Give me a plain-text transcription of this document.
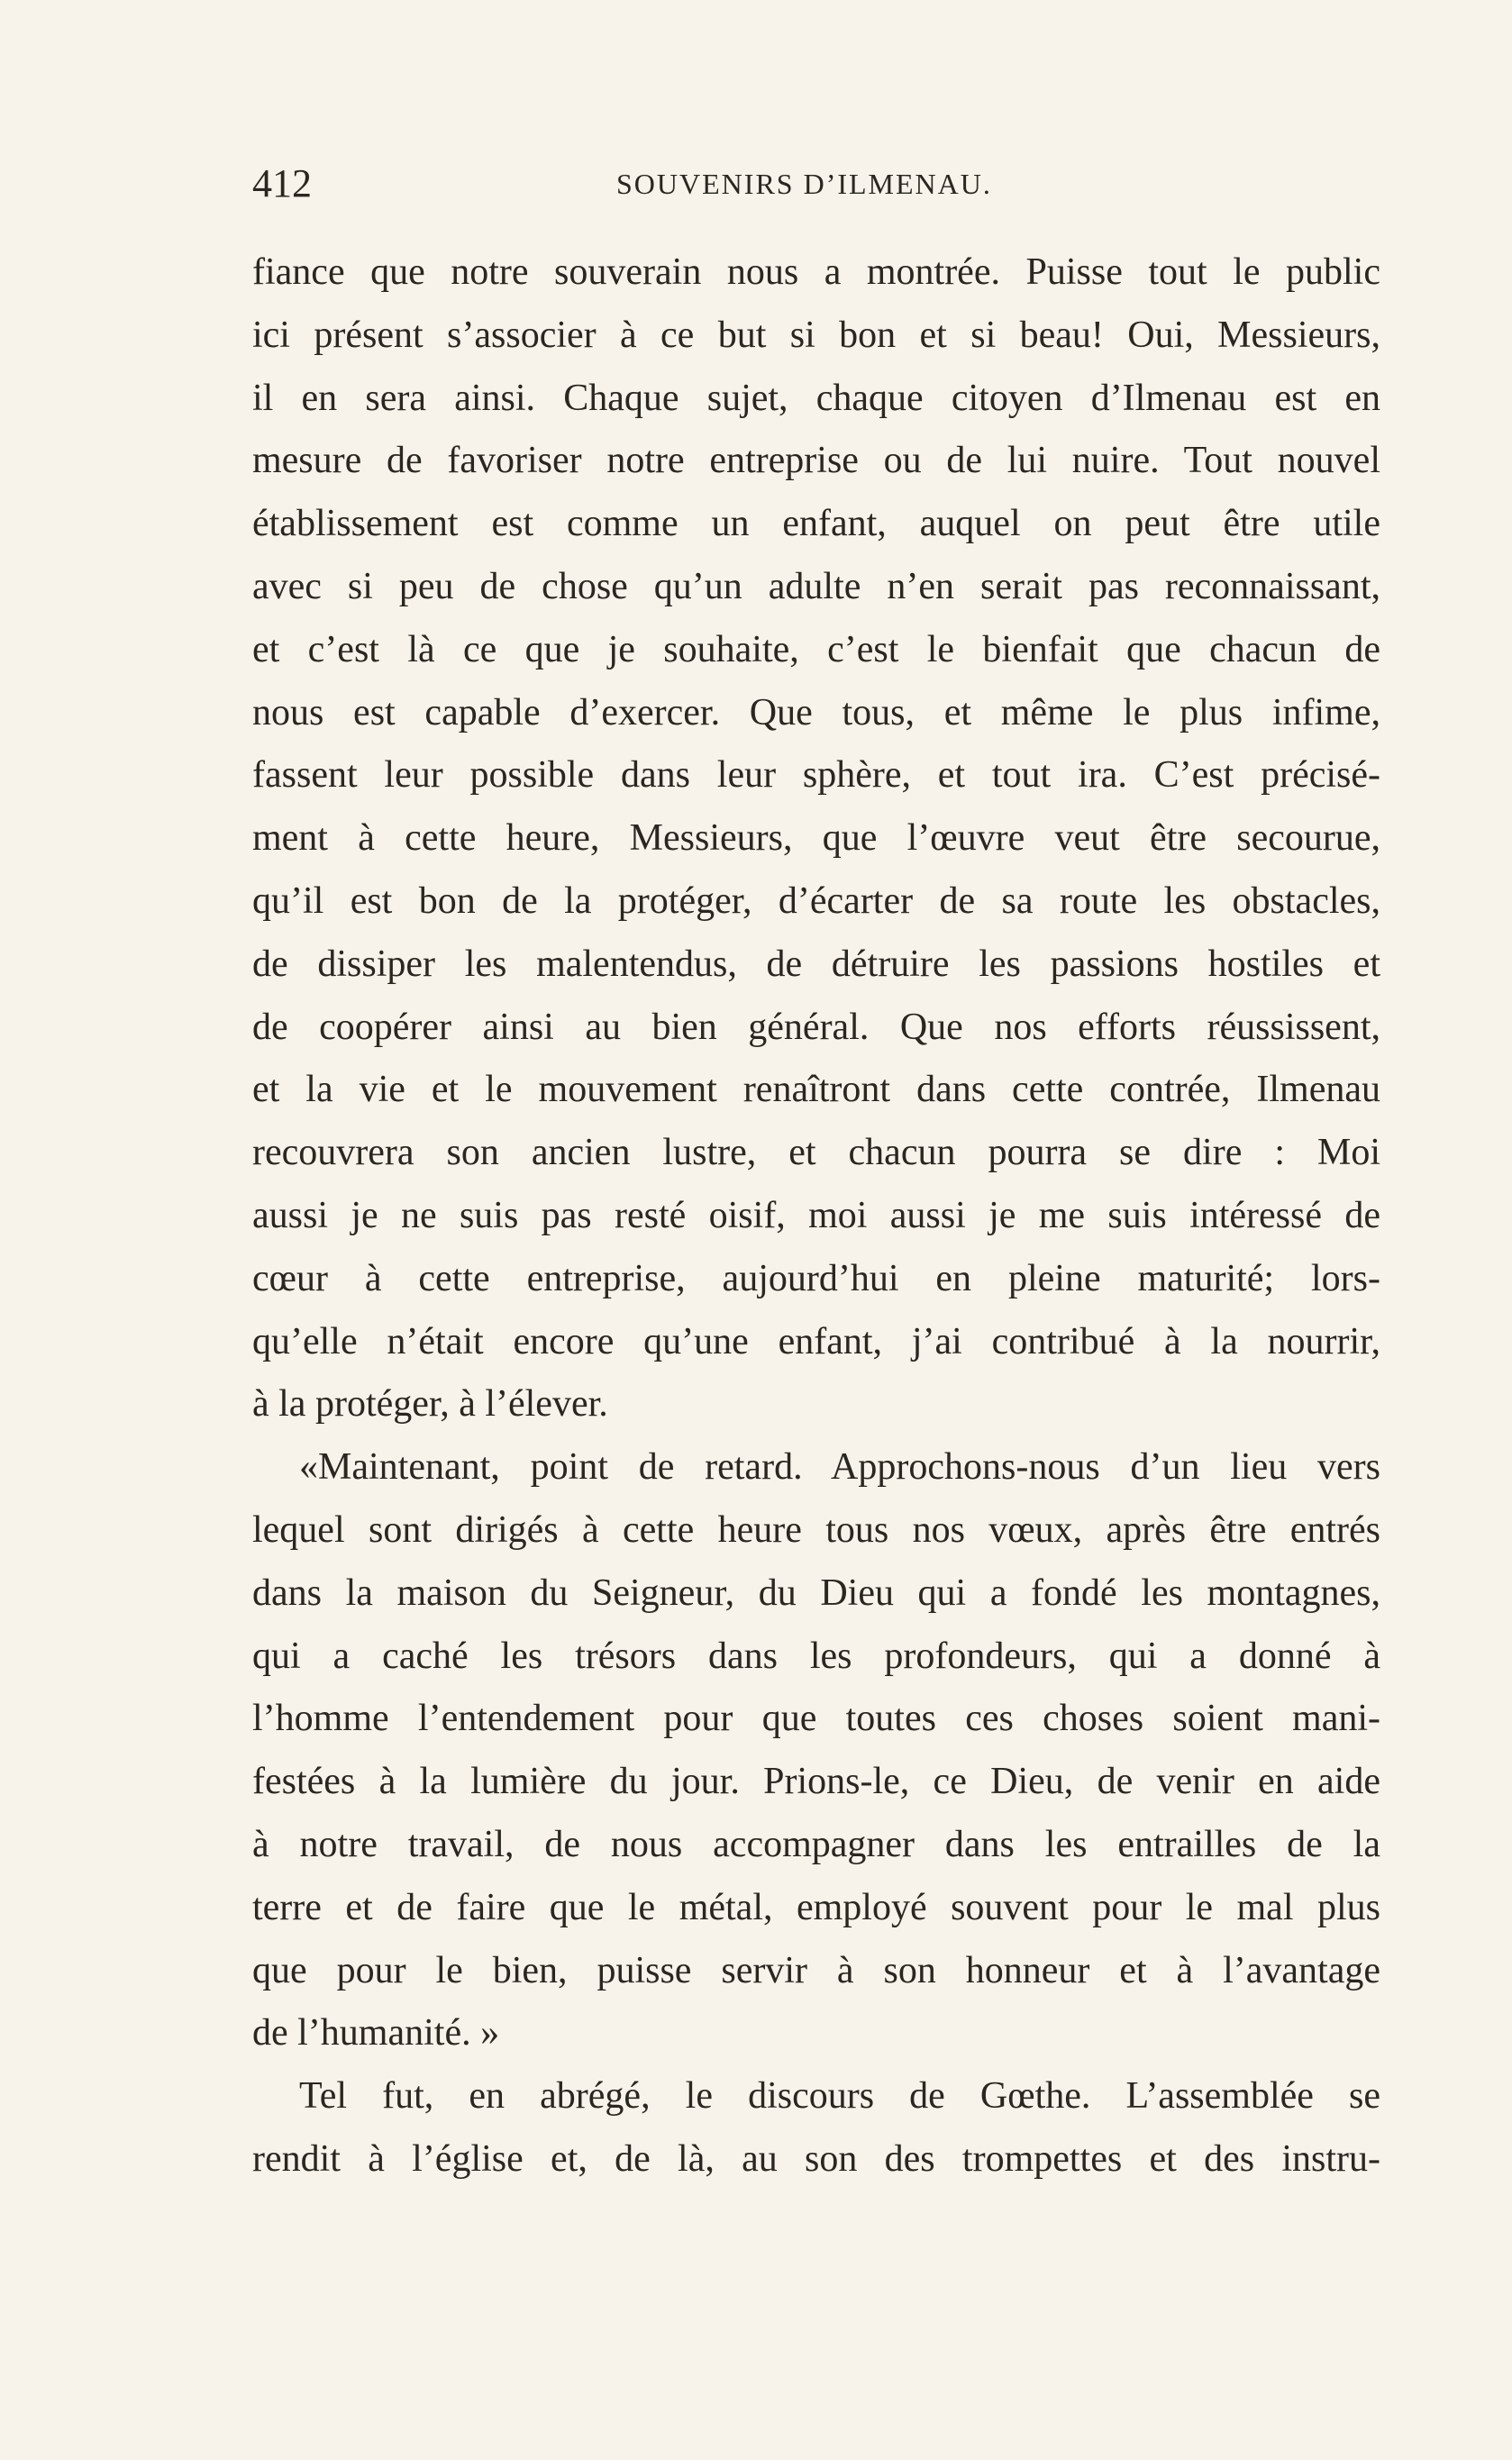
412	SOUVENIRS D’ILMENAU.
fiance que notre souverain nous a montrée. Puisse tout le public
ici présent s’associer à ce but si bon et si beau! Oui, Messieurs,
il en sera ainsi. Chaque sujet, chaque citoyen d’Ilmenau est en
mesure de favoriser notre entreprise ou de lui nuire. Tout nouvel
établissement est comme un enfant, auquel on peut être utile
avec si peu de chose qu’un adulte n’en serait pas reconnaissant,
et c’est là ce que je souhaite, c’est le bienfait que chacun de
nous est capable d’exercer. Que tous, et même le plus infime,
fassent leur possible dans leur sphère, et tout ira. C’est précisé-
ment à cette heure, Messieurs, que l’œuvre veut être secourue,
qu’il est bon de la protéger, d’écarter de sa route les obstacles,
de dissiper les malentendus, de détruire les passions hostiles et
de coopérer ainsi au bien général. Que nos efforts réussissent,
et la vie et le mouvement renaîtront dans cette contrée, Ilmenau
recouvrera son ancien lustre, et chacun pourra se dire : Moi
aussi je ne suis pas resté oisif, moi aussi je me suis intéressé de
cœur à cette entreprise, aujourd’hui en pleine maturité; lors-
qu’elle n’était encore qu’une enfant, j’ai contribué à la nourrir,
à la protéger, à l’élever.
«Maintenant, point de retard. Approchons-nous d’un lieu vers
lequel sont dirigés à cette heure tous nos vœux, après être entrés
dans la maison du Seigneur, du Dieu qui a fondé les montagnes,
qui a caché les trésors dans les profondeurs, qui a donné à
l’homme l’entendement pour que toutes ces choses soient mani-
festées à la lumière du jour. Prions-le, ce Dieu, de venir en aide
à notre travail, de nous accompagner dans les entrailles de la
terre et de faire que le métal, employé souvent pour le mal plus
que pour le bien, puisse servir à son honneur et à l’avantage
de l’humanité. »
Tel fut, en abrégé, le discours de Gœthe. L’assemblée se
rendit à l’église et, de là, au son des trompettes et des instru-
